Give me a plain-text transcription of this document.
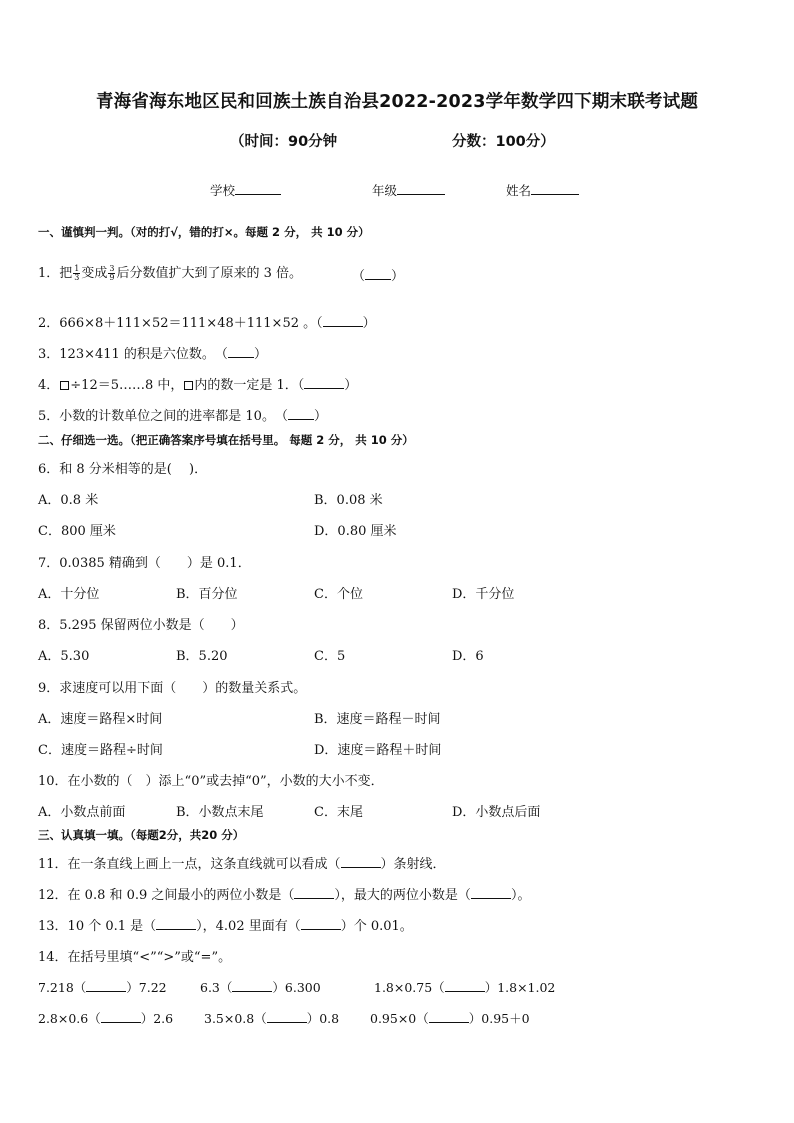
青海省海东地区民和回族土族自治县2022-2023学年数学四下期末联考试题
（时间：90分钟	分数：100分）
学校	年级	姓名
一、谨慎判一判。（对的打√，错的打×。每题 2 分， 共 10 分）
1．把 $\frac{1}{3}$ 变成 $\frac{3}{9}$ 后分数值扩大到了原来的 3 倍。	（ ）
2．666×8＋111×52＝111×48＋111×52 。（	）
3．123×411 的积是六位数。　（ ）
4． ÷12＝5……8 中， 内的数一定是 1．（	）
5．小数的计数单位之间的进率都是 10。　（ ）
二、仔细选一选。（把正确答案序号填在括号里。 每题 2 分， 共 10 分）
6．和 8 分米相等的是(　 )．
A．0.8 米	B．0.08 米
C．800 厘米	D．0.80 厘米
7．0.0385 精确到（　　）是 0.1．
A．十分位	B．百分位	C．个位	D．千分位
8．5.295 保留两位小数是（　　）
A．5.30	B．5.20	C．5	D．6
9．求速度可以用下面（　　）的数量关系式。
A．速度＝路程×时间	B．速度＝路程－时间
C．速度＝路程÷时间	D．速度＝路程＋时间
10．在小数的（　）添上“0”或去掉“0”，小数的大小不变．
A．小数点前面	B．小数点末尾	C．末尾	D．小数点后面
三、认真填一填。（每题2分，共20 分）
11．在一条直线上画上一点，这条直线就可以看成（	）条射线．
12．在 0.8 和 0.9 之间最小的两位小数是（	），最大的两位小数是（	）。
13．10 个 0.1 是（	），4.02 里面有（	）个 0.01。
14．在括号里填“<”“>”或“=”。
7.218（	）7.22	6.3（	）6.300	1.8×0.75（	）1.8×1.02
2.8×0.6（	）2.6 3.5×0.8（	）0.8 0.95×0（	）0.95＋0
